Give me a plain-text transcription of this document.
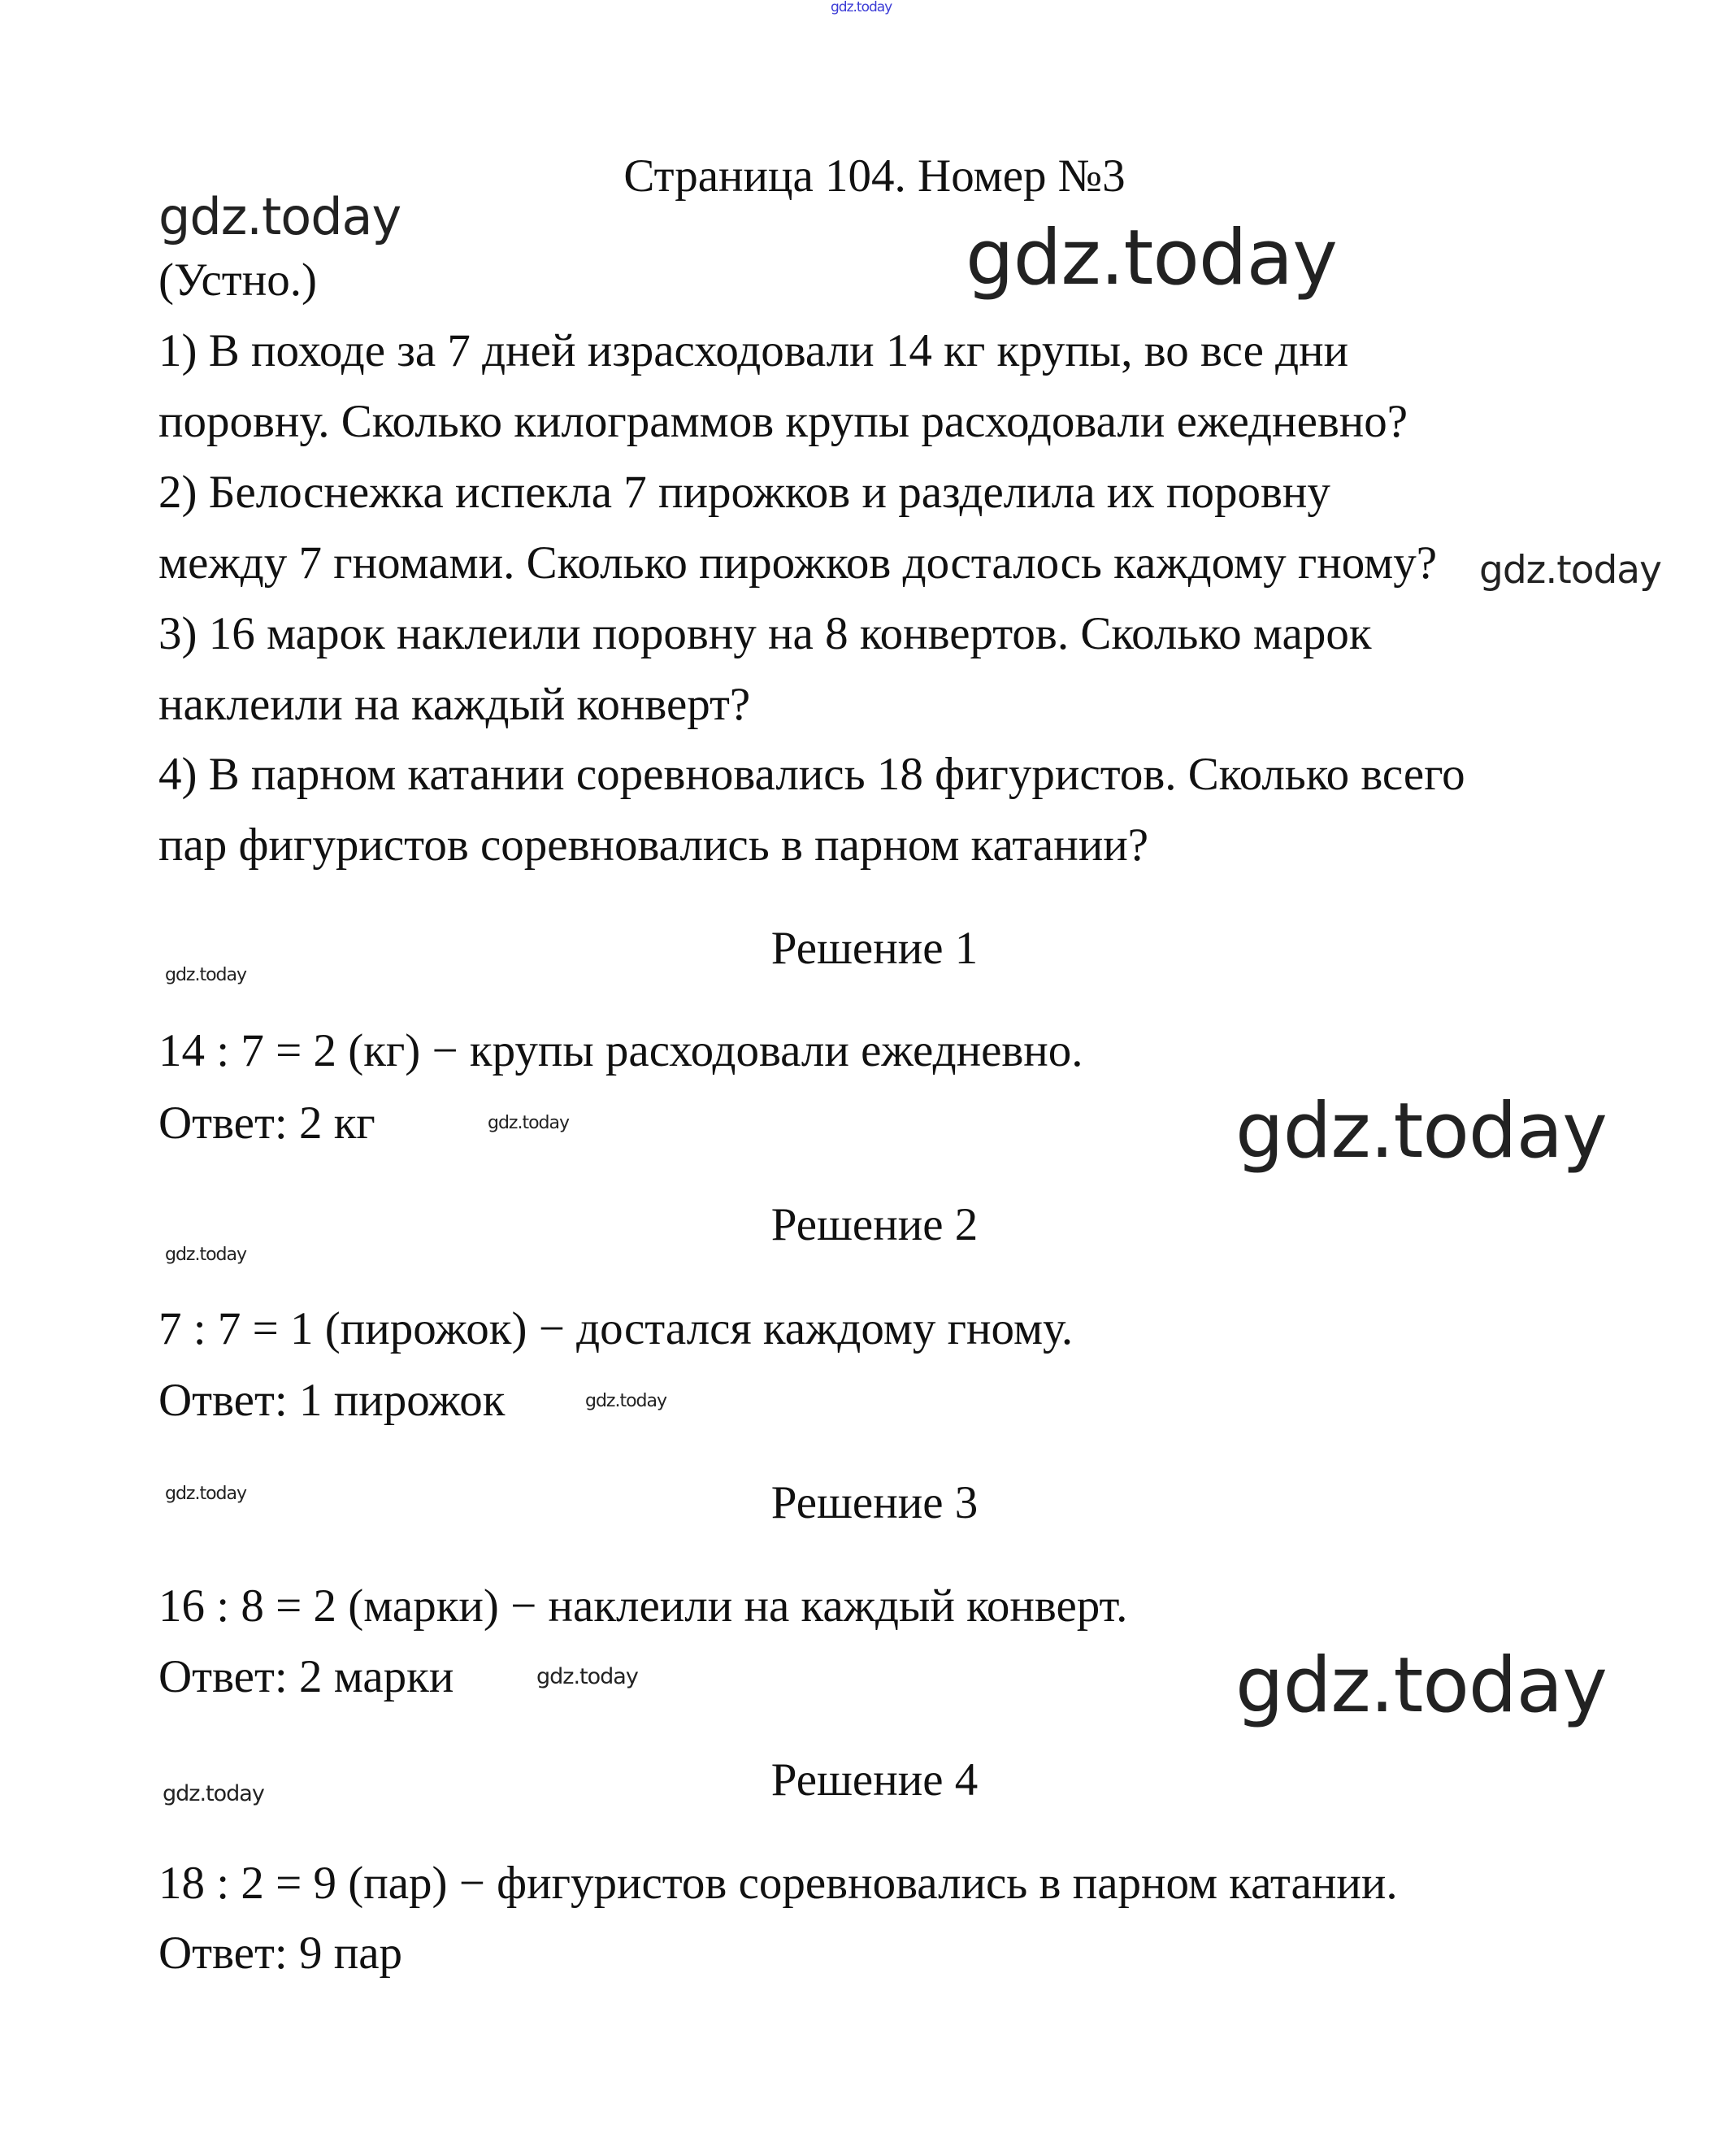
gdz.today
Страница 104. Номер №3
gdz.today
(Устно.)	gdz.today
1) В походе за 7 дней израсходовали 14 кг крупы, во все дни
поровну. Сколько килограммов крупы расходовали ежедневно?
2) Белоснежка испекла 7 пирожков и разделила их поровну
между 7 гномами. Сколько пирожков досталось каждому гному? gdz.today
3) 16 марок наклеили поровну на 8 конвертов. Сколько марок
наклеили на каждый конверт?
4) В парном катании соревновались 18 фигуристов. Сколько всего
пар фигуристов соревновались в парном катании?
Решение 1
gdz.today
14 : 7 = 2 (кг) − крупы расходовали ежедневно.
Ответ: 2 кг	gdz.today	gdz.today
Решение 2
gdz.today
7 : 7 = 1 (пирожок) − достался каждому гному.
Ответ: 1 пирожок	gdz.today
gdz.today	Решение 3
16 : 8 = 2 (марки) − наклеили на каждый конверт.
Ответ: 2 марки	gdz.today	gdz.today
Решение 4
gdz.today
18 : 2 = 9 (пар) − фигуристов соревновались в парном катании.
Ответ: 9 пар
